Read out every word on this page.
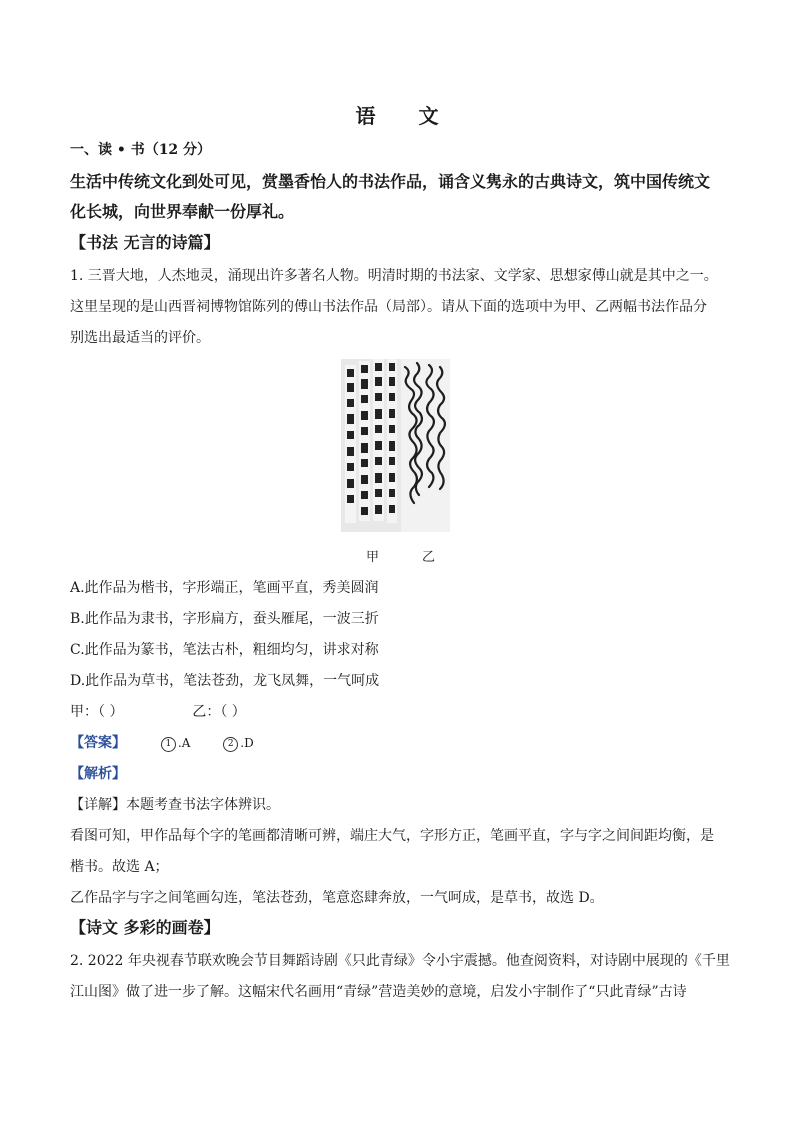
语 文
一、读 • 书（12 分）
生活中传统文化到处可见，赏墨香怡人的书法作品，诵含义隽永的古典诗文，筑中国传统文
化长城，向世界奉献一份厚礼。
【书法 无言的诗篇】
1. 三晋大地，人杰地灵，涌现出许多著名人物。明清时期的书法家、文学家、思想家傅山就是其中之一。
这里呈现的是山西晋祠博物馆陈列的傅山书法作品（局部）。请从下面的选项中为甲、乙两幅书法作品分
别选出最适当的评价。
甲	乙
A.此作品为楷书，字形端正，笔画平直，秀美圆润
B.此作品为隶书，字形扁方，蚕头雁尾，一波三折
C.此作品为篆书，笔法古朴，粗细均匀，讲求对称
D.此作品为草书，笔法苍劲，龙飞凤舞，一气呵成
甲：（ ）	乙：（ ）
【答案】	1 .A	2 .D
【解析】
【详解】本题考查书法字体辨识。
看图可知，甲作品每个字的笔画都清晰可辨，端庄大气，字形方正，笔画平直，字与字之间间距均衡，是
楷书。故选 A；
乙作品字与字之间笔画勾连，笔法苍劲，笔意恣肆奔放，一气呵成，是草书，故选 D。
【诗文 多彩的画卷】
2. 2022 年央视春节联欢晚会节目舞蹈诗剧《只此青绿》令小宇震撼。他查阅资料，对诗剧中展现的《千里
江山图》做了进一步了解。这幅宋代名画用“青绿”营造美妙的意境，启发小宇制作了“只此青绿”古诗
